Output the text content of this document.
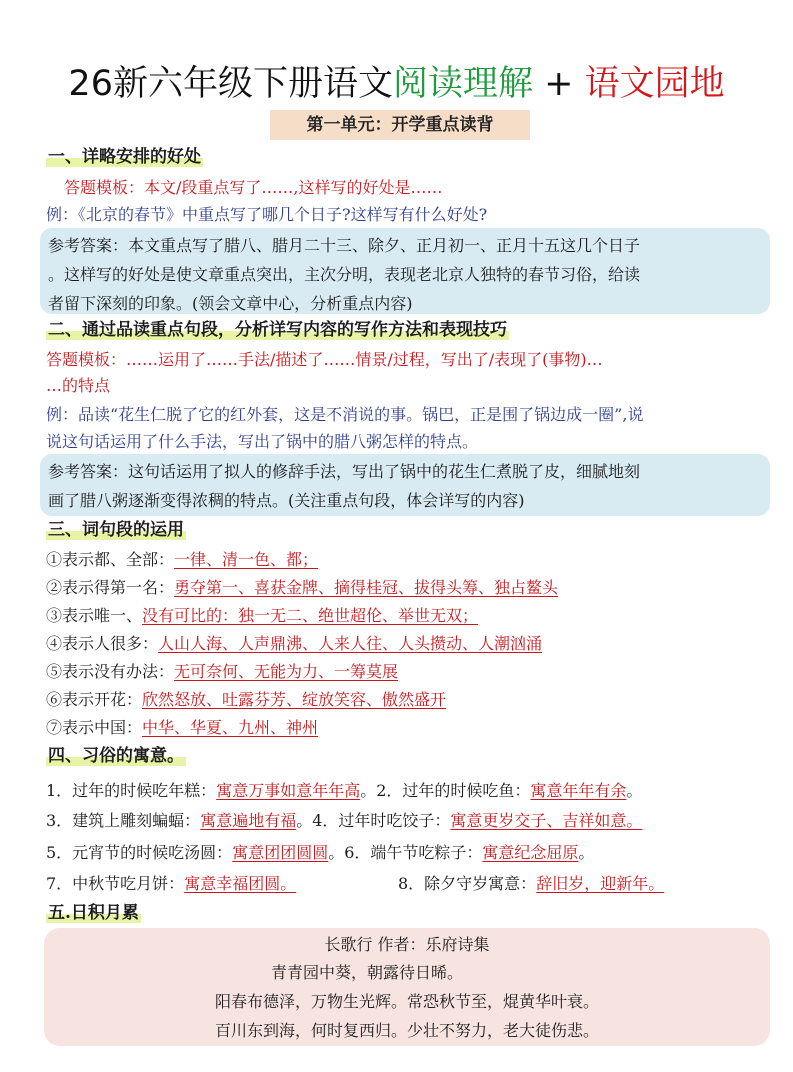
26新六年级下册语文阅读理解 + 语文园地
第一单元：开学重点读背
一、详略安排的好处
答题模板：本文/段重点写了……,这样写的好处是……
例：《北京的春节》中重点写了哪几个日子?这样写有什么好处?
参考答案：本文重点写了腊八、腊月二十三、除夕、正月初一、正月十五这几个日子
。这样写的好处是使文章重点突出，主次分明，表现老北京人独特的春节习俗，给读
者留下深刻的印象。(领会文章中心，分析重点内容)
二、通过品读重点句段，分析详写内容的写作方法和表现技巧
答题模板：……运用了……手法/描述了……情景/过程，写出了/表现了(事物)…
…的特点
例：品读“花生仁脱了它的红外套，这是不消说的事。锅巴，正是围了锅边成一圈”,说
说这句话运用了什么手法，写出了锅中的腊八粥怎样的特点。
参考答案：这句话运用了拟人的修辞手法，写出了锅中的花生仁煮脱了皮，细腻地刻
画了腊八粥逐渐变得浓稠的特点。(关注重点句段，体会详写的内容)
三、词句段的运用
①表示都、全部：一律、清一色、都；
②表示得第一名：勇夺第一、喜获金牌、摘得桂冠、拔得头筹、独占鳌头
③表示唯一、没有可比的：独一无二、绝世超伦、举世无双；
④表示人很多：人山人海、人声鼎沸、人来人往、人头攒动、人潮汹涌
⑤表示没有办法：无可奈何、无能为力、一筹莫展
⑥表示开花：欣然怒放、吐露芬芳、绽放笑容、傲然盛开
⑦表示中国：中华、华夏、九州、神州
四、习俗的寓意。
1．过年的时候吃年糕：寓意万事如意年年高。2．过年的时候吃鱼：寓意年年有余。
3．建筑上雕刻蝙蝠：寓意遍地有福。4．过年时吃饺子：寓意更岁交子、吉祥如意。
5．元宵节的时候吃汤圆：寓意团团圆圆。6．端午节吃粽子：寓意纪念屈原。
7．中秋节吃月饼：寓意幸福团圆。	8．除夕守岁寓意：辞旧岁，迎新年。
五.日积月累
长歌行 作者：乐府诗集
青青园中葵，朝露待日晞。
阳春布德泽，万物生光辉。常恐秋节至，焜黄华叶衰。
百川东到海，何时复西归。少壮不努力，老大徒伤悲。
